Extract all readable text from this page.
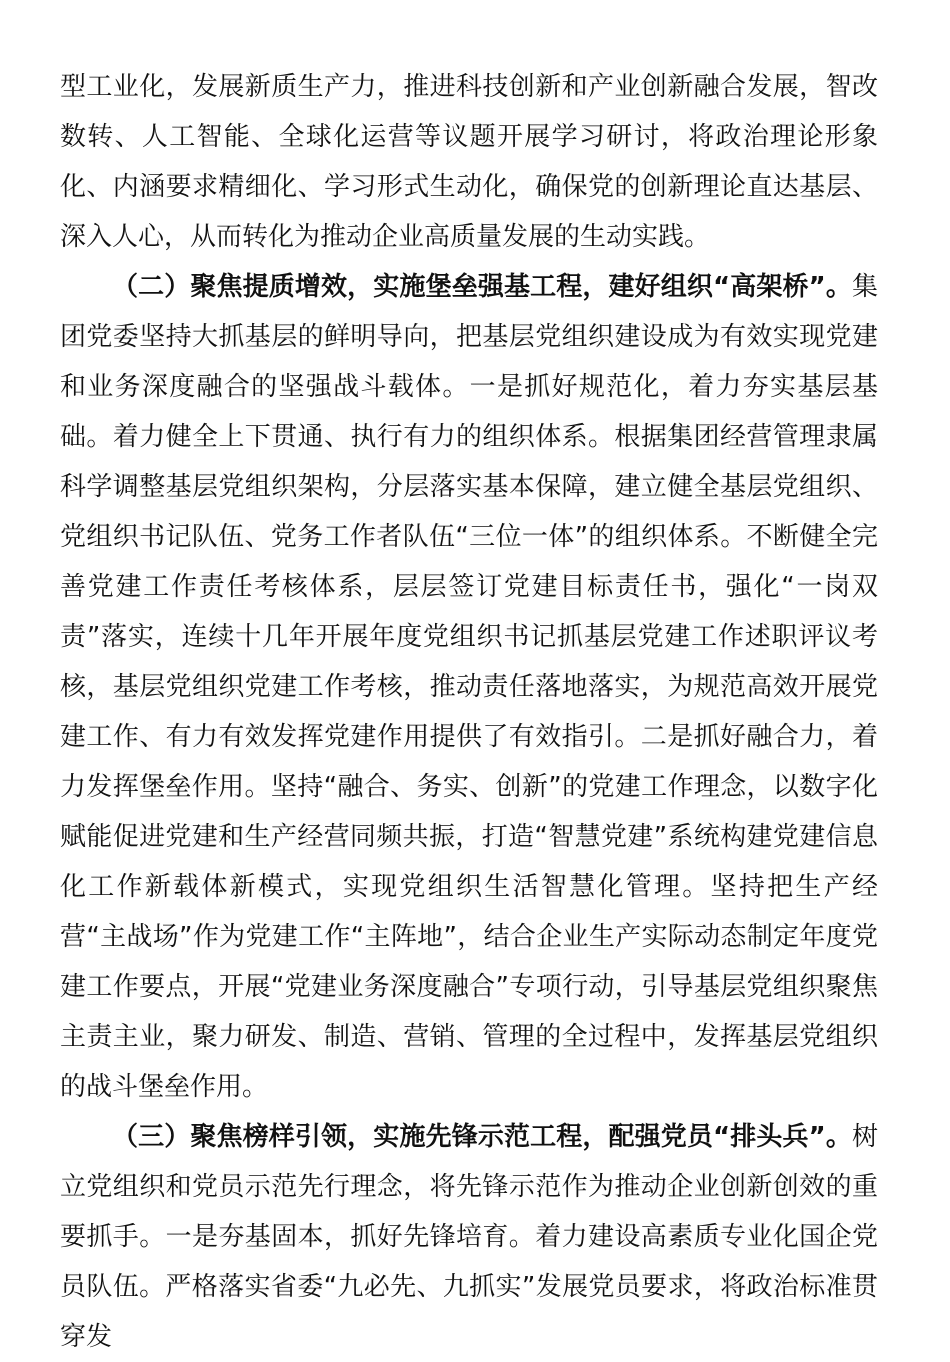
型工业化，发展新质生产力，推进科技创新和产业创新融合发展，智改数转、人工智能、全球化运营等议题开展学习研讨，将政治理论形象化、内涵要求精细化、学习形式生动化，确保党的创新理论直达基层、深入人心，从而转化为推动企业高质量发展的生动实践。

（二）聚焦提质增效，实施堡垒强基工程，建好组织“高架桥”。集团党委坚持大抓基层的鲜明导向，把基层党组织建设成为有效实现党建和业务深度融合的坚强战斗载体。一是抓好规范化，着力夯实基层基础。着力健全上下贯通、执行有力的组织体系。根据集团经营管理隶属科学调整基层党组织架构，分层落实基本保障，建立健全基层党组织、党组织书记队伍、党务工作者队伍“三位一体”的组织体系。不断健全完善党建工作责任考核体系，层层签订党建目标责任书，强化“一岗双责”落实，连续十几年开展年度党组织书记抓基层党建工作述职评议考核，基层党组织党建工作考核，推动责任落地落实，为规范高效开展党建工作、有力有效发挥党建作用提供了有效指引。二是抓好融合力，着力发挥堡垒作用。坚持“融合、务实、创新”的党建工作理念，以数字化赋能促进党建和生产经营同频共振，打造“智慧党建”系统构建党建信息化工作新载体新模式，实现党组织生活智慧化管理。坚持把生产经营“主战场”作为党建工作“主阵地”，结合企业生产实际动态制定年度党建工作要点，开展“党建业务深度融合”专项行动，引导基层党组织聚焦主责主业，聚力研发、制造、营销、管理的全过程中，发挥基层党组织的战斗堡垒作用。

（三）聚焦榜样引领，实施先锋示范工程，配强党员“排头兵”。树立党组织和党员示范先行理念，将先锋示范作为推动企业创新创效的重要抓手。一是夯基固本，抓好先锋培育。着力建设高素质专业化国企党员队伍。严格落实省委“九必先、九抓实”发展党员要求，将政治标准贯穿发
